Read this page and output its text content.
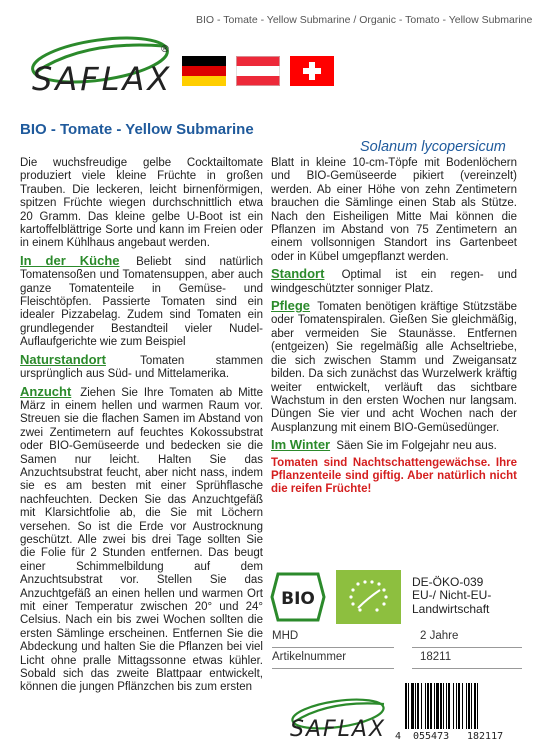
BIO - Tomate - Yellow Submarine / Organic - Tomato - Yellow Submarine
SAFLAX
®
BIO - Tomate - Yellow Submarine
Solanum lycopersicum

Die wuchsfreudige gelbe Cocktailtomate produziert viele kleine Früchte in großen Trauben. Die leckeren, leicht birnenförmigen, spitzen Früchte wiegen durchschnittlich etwa 20 Gramm. Das kleine gelbe U-Boot ist ein kartoffelblättrige Sorte und kann im Freien oder in einem Kühlhaus angebaut werden.

In der Küche Beliebt sind natürlich Tomatensoßen und Tomatensuppen, aber auch ganze Tomatenteile in Gemüse- und Fleischtöpfen. Passierte Tomaten sind ein idealer Pizzabelag. Zudem sind Tomaten ein grundlegender Bestandteil vieler Nudel-Auflaufgerichte wie zum Beispiel

Naturstandort	Tomaten stammen ursprünglich aus Süd- und Mittelamerika.

Anzucht Ziehen Sie Ihre Tomaten ab Mitte März in einem hellen und warmen Raum vor. Streuen sie die flachen Samen im Abstand von zwei Zentimetern auf feuchtes Kokossubstrat oder BIO-Gemüseerde und bedecken sie die Samen nur leicht. Halten Sie das Anzuchtsubstrat feucht, aber nicht nass, indem sie es am besten mit einer Sprühflasche nachfeuchten. Decken Sie das Anzuchtgefäß mit Klarsichtfolie ab, die Sie mit Löchern versehen. So ist die Erde vor Austrocknung geschützt. Alle zwei bis drei Tage sollten Sie die Folie für 2 Stunden entfernen. Das beugt einer Schimmelbildung auf dem Anzuchtsubstrat vor. Stellen Sie das Anzuchtgefäß an einen hellen und warmen Ort mit einer Temperatur zwischen 20° und 24° Celsius. Nach ein bis zwei Wochen sollten die ersten Sämlinge erscheinen. Entfernen Sie die Abdeckung und halten Sie die Pflanzen bei viel Licht ohne pralle Mittagssonne etwas kühler. Sobald sich das zweite Blattpaar entwickelt, können die jungen Pflänzchen bis zum ersten

Blatt in kleine 10-cm-Töpfe mit Bodenlöchern und BIO-Gemüseerde pikiert (vereinzelt) werden. Ab einer Höhe von zehn Zentimetern brauchen die Sämlinge einen Stab als Stütze. Nach den Eisheiligen Mitte Mai können die Pflanzen im Abstand von 75 Zentimetern an einem vollsonnigen Standort ins Gartenbeet oder in Kübel umgepflanzt werden.

Standort Optimal ist ein regen- und windgeschützter sonniger Platz.

Pflege Tomaten benötigen kräftige Stützstäbe oder Tomatenspiralen. Gießen Sie gleichmäßig, aber vermeiden Sie Staunässe. Entfernen (entgeizen) Sie regelmäßig alle Achseltriebe, die sich zwischen Stamm und Zweigansatz bilden. Da sich zunächst das Wurzelwerk kräftig weiter entwickelt, verläuft das sichtbare Wachstum in den ersten Wochen nur langsam. Düngen Sie vier und acht Wochen nach der Ausplanzung mit einem BIO-Gemüsedünger.

Im Winter Säen Sie im Folgejahr neu aus.

Tomaten sind Nachtschattengewächse. Ihre Pflanzenteile sind giftig. Aber natürlich nicht die reifen Früchte!

BIO
DE-ÖKO-039
EU-/ Nicht-EU-
Landwirtschaft
MHD	2 Jahre
Artikelnummer	18211
SAFLAX 4 055473 182117
